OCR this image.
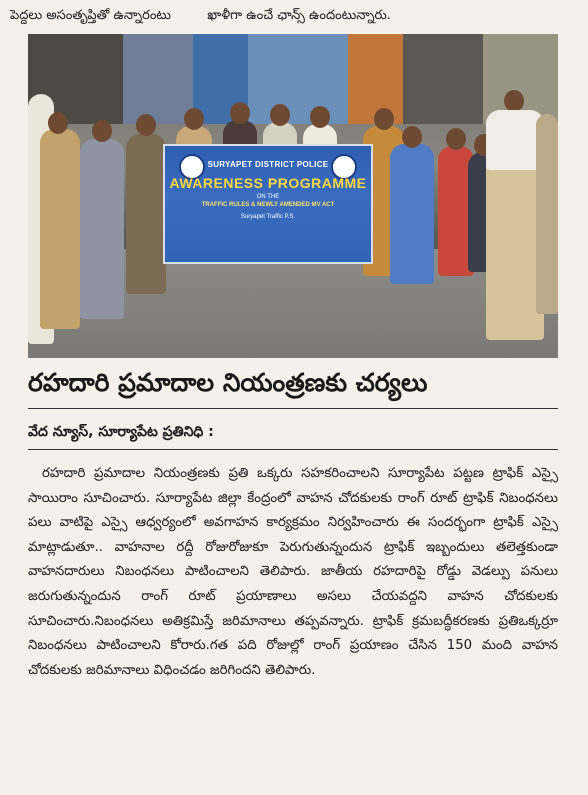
పెద్దలు అసంతృప్తితో ఉన్నారంటు	ఖాళీగా ఉంచే ఛాన్స్ ఉందంటున్నారు.
SURYAPET DISTRICT POLICE
AWARENESS PROGRAMME
ON THE
TRAFFIC RULES & NEWLY AMENDED MV ACT
Suryapet Traffic P.S.
రహదారి ప్రమాదాల నియంత్రణకు చర్యలు
వేద న్యూస్, సూర్యాపేట ప్రతినిధి :

రహదారి ప్రమాదాల నియంత్రణకు ప్రతి ఒక్కరు సహకరించాలని సూర్యాపేట పట్టణ ట్రాఫిక్ ఎస్సై సాయిరాం సూచించారు. సూర్యాపేట జిల్లా కేంద్రంలో వాహన చోదకులకు రాంగ్ రూట్ ట్రాఫిక్ నిబంధనలు పలు వాటిపై ఎస్సై ఆధ్వర్యంలో అవగాహన కార్యక్రమం నిర్వహించారు ఈ సందర్భంగా ట్రాఫిక్ ఎస్సై మాట్లాడుతూ.. వాహనాల రద్దీ రోజురోజుకూ పెరుగుతున్నందున ట్రాఫిక్ ఇబ్బందులు తలెత్తకుండా వాహనదారులు నిబంధనలు పాటించాలని తెలిపారు. జాతీయ రహదారిపై రోడ్డు వెడల్పు పనులు జరుగుతున్నందున రాంగ్ రూట్ ప్రయాణాలు అసలు చేయవద్దని వాహన చోదకులకు సూచించారు.నిబంధనలు అతిక్రమిస్తే జరిమానాలు తప్పవన్నారు. ట్రాఫిక్ క్రమబద్ధీకరణకు ప్రతిఒక్కర్రూ నిబంధనలు పాటించాలని కోరారు.గత పది రోజుల్లో రాంగ్ ప్రయాణం చేసిన 150 మంది వాహన చోదకులకు జరిమానాలు విధించడం జరిగిందని తెలిపారు.
